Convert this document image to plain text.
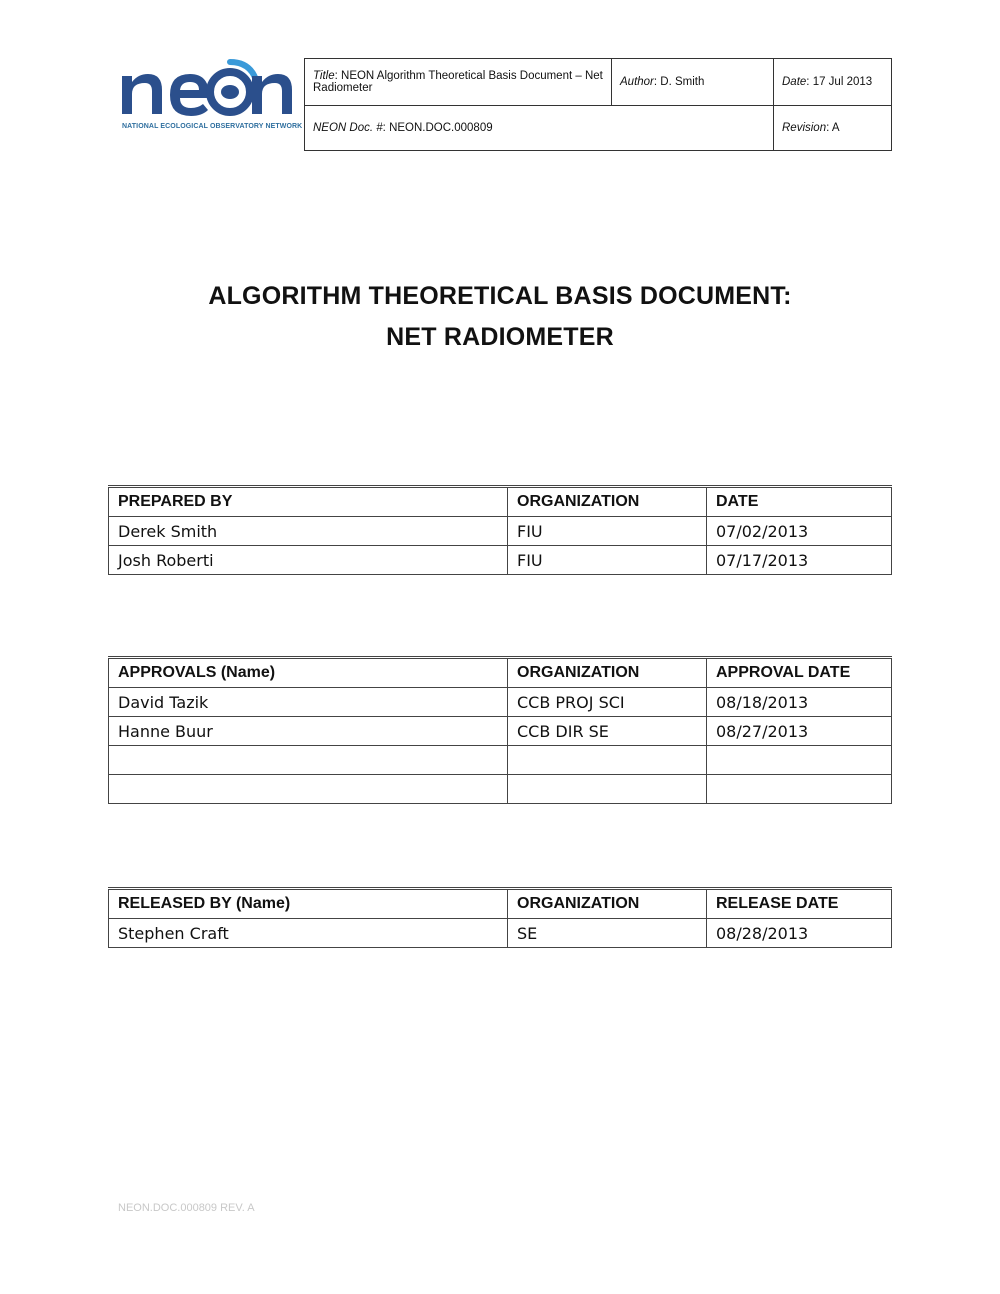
NATIONAL ECOLOGICAL OBSERVATORY NETWORK
Title: NEON Algorithm Theoretical Basis Document – Net Radiometer	Author: D. Smith	Date: 17 Jul 2013
NEON Doc. #: NEON.DOC.000809		Revision: A
ALGORITHM THEORETICAL BASIS DOCUMENT:
NET RADIOMETER
PREPARED BY	ORGANIZATION	DATE
Derek Smith	FIU	07/02/2013
Josh Roberti	FIU	07/17/2013
APPROVALS (Name)	ORGANIZATION	APPROVAL DATE
David Tazik	CCB PROJ SCI	08/18/2013
Hanne Buur	CCB DIR SE	08/27/2013

RELEASED BY (Name)	ORGANIZATION	RELEASE DATE
Stephen Craft	SE	08/28/2013
NEON.DOC.000809 REV. A
